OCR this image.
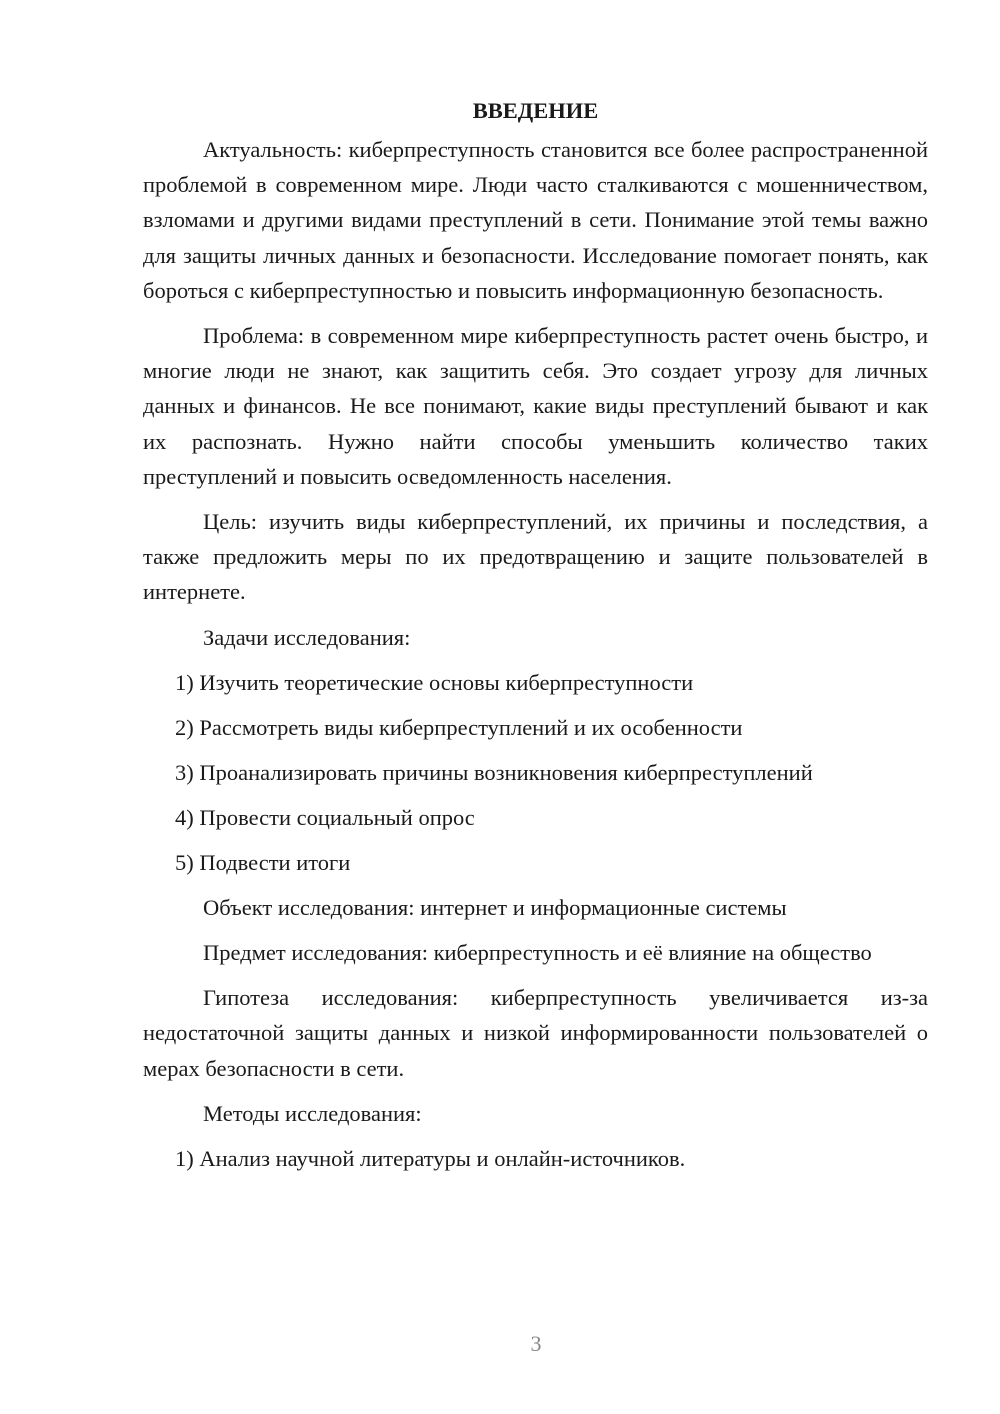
ВВЕДЕНИЕ

Актуальность: киберпреступность становится все более распространенной проблемой в современном мире. Люди часто сталкиваются с мошенничеством, взломами и другими видами преступлений в сети. Понимание этой темы важно для защиты личных данных и безопасности. Исследование помогает понять, как бороться с киберпреступностью и повысить информационную безопасность.

Проблема: в современном мире киберпреступность растет очень быстро, и многие люди не знают, как защитить себя. Это создает угрозу для личных данных и финансов. Не все понимают, какие виды преступлений бывают и как их распознать. Нужно найти способы уменьшить количество таких преступлений и повысить осведомленность населения.

Цель: изучить виды киберпреступлений, их причины и последствия, а также предложить меры по их предотвращению и защите пользователей в интернете.

Задачи исследования:

1) Изучить теоретические основы киберпреступности
2) Рассмотреть виды киберпреступлений и их особенности
3) Проанализировать причины возникновения киберпреступлений
4) Провести социальный опрос
5) Подвести итоги

Объект исследования: интернет и информационные системы

Предмет исследования: киберпреступность и её влияние на общество

Гипотеза исследования: киберпреступность увеличивается из-за недостаточной защиты данных и низкой информированности пользователей о мерах безопасности в сети.

Методы исследования:

1) Анализ научной литературы и онлайн-источников.
3
